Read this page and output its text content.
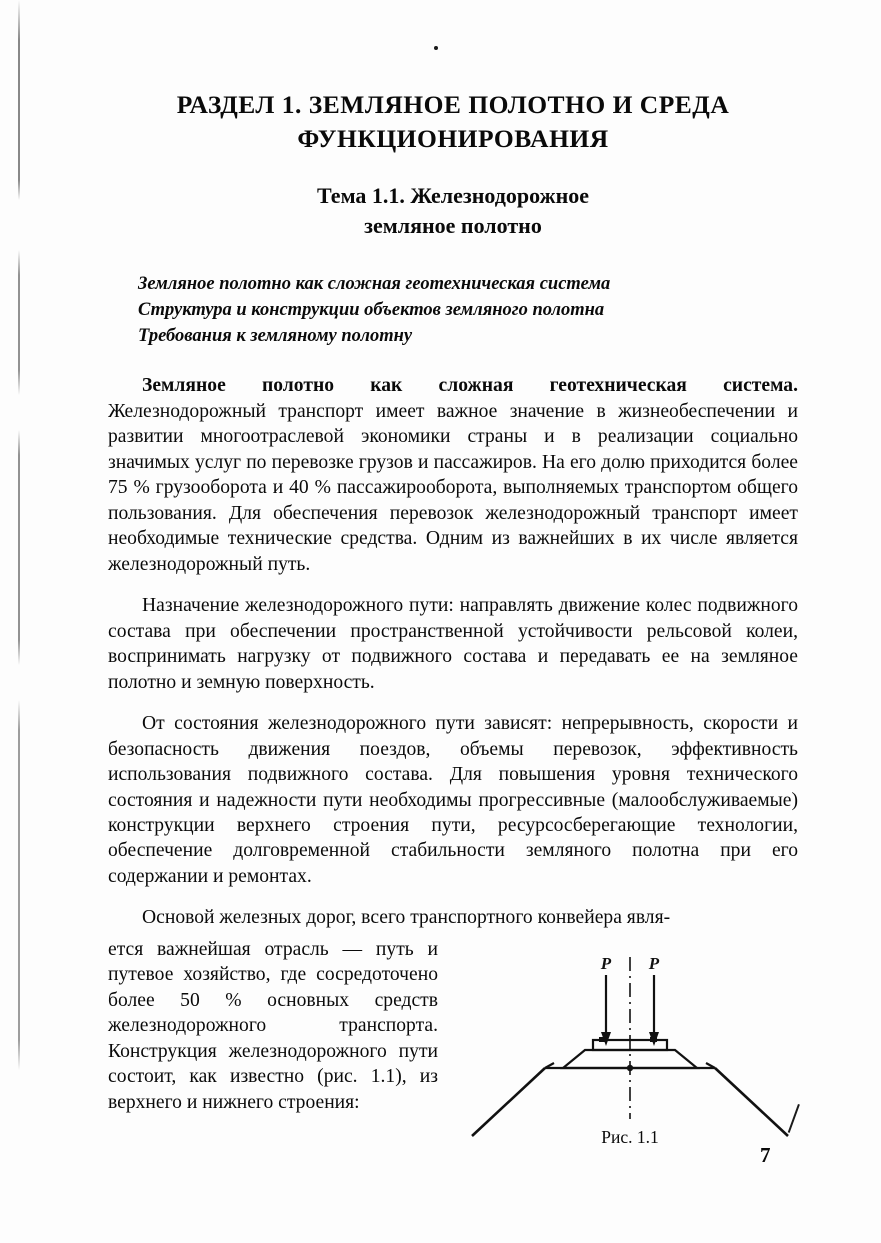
РАЗДЕЛ 1. ЗЕМЛЯНОЕ ПОЛОТНО И СРЕДА
ФУНКЦИОНИРОВАНИЯ
Тема 1.1. Железнодорожное
земляное полотно
Земляное полотно как сложная геотехническая система
Структура и конструкции объектов земляного полотна
Требования к земляному полотну

Земляное полотно как сложная геотехническая система. Железнодорожный транспорт имеет важное значение в жизнеобеспечении и развитии многоотраслевой экономики страны и в реализации социально значимых услуг по перевозке грузов и пассажиров. На его долю приходится более 75 % грузооборота и 40 % пассажирооборота, выполняемых транспортом общего пользования. Для обеспечения перевозок железнодорожный транспорт имеет необходимые технические средства. Одним из важнейших в их числе является железнодорожный путь.

Назначение железнодорожного пути: направлять движение колес подвижного состава при обеспечении пространственной устойчивости рельсовой колеи, воспринимать нагрузку от подвижного состава и передавать ее на земляное полотно и земную поверхность.

От состояния железнодорожного пути зависят: непрерывность, скорости и безопасность движения поездов, объемы перевозок, эффективность использования подвижного состава. Для повышения уровня технического состояния и надежности пути необходимы прогрессивные (малообслуживаемые) конструкции верхнего строения пути, ресурсосберегающие технологии, обеспечение долговременной стабильности земляного полотна при его содержании и ремонтах.

Основой железных дорог, всего транспортного конвейера явля-

ется важнейшая отрасль — путь и путевое хозяйство, где сосредоточено более 50 % основных средств железнодорожного транспорта. Конструкция железнодорожного пути состоит, как известно (рис. 1.1), из верхнего и нижнего строения:

P P
Рис. 1.1
7
